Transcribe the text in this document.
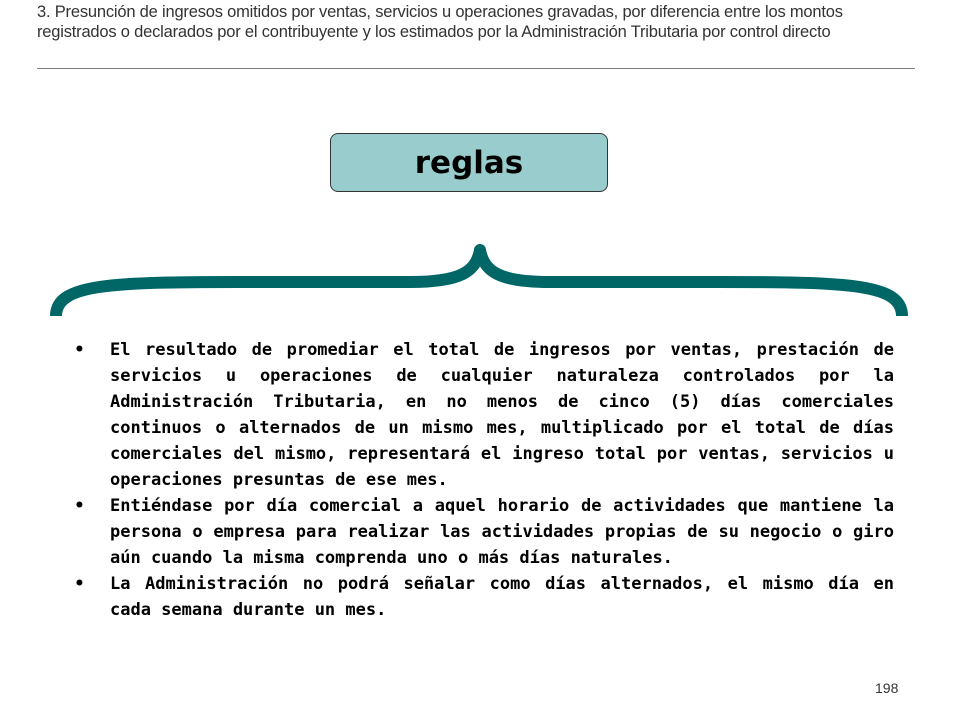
3. Presunción de ingresos omitidos por ventas, servicios u operaciones gravadas, por diferencia entre los montos registrados o declarados por el contribuyente y los estimados por la Administración Tributaria por control directo
reglas
• El resultado de promediar el total de ingresos por ventas, prestación de servicios u operaciones de cualquier naturaleza controlados por la Administración Tributaria, en no menos de cinco (5) días comerciales continuos o alternados de un mismo mes, multiplicado por el total de días comerciales del mismo, representará el ingreso total por ventas, servicios u operaciones presuntas de ese mes.
• Entiéndase por día comercial a aquel horario de actividades que mantiene la persona o empresa para realizar las actividades propias de su negocio o giro aún cuando la misma comprenda uno o más días naturales.
• La Administración no podrá señalar como días alternados, el mismo día en cada semana durante un mes.
198
